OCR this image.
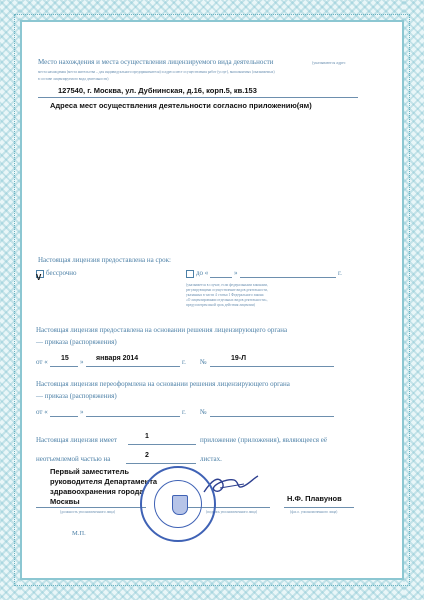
Место нахождения и места осуществления лицензируемого вида деятельности	(указываются адрес
места нахождения (места жительства – для индивидуального предпринимателя) и адреса мест осуществления работ (услуг), выполняемых (оказываемых)
в составе лицензируемого вида деятельности)
127540, г. Москва, ул. Дубнинская, д.16, корп.5, кв.153
Адреса мест осуществления деятельности согласно приложению(ям)
Настоящая лицензия предоставлена на срок:
V бессрочно	до «	»	г.
(указывается в случае, если федеральными законами,
регулирующими осуществление видов деятельности,
указанных в части 4 статьи 1 Федерального закона
«О лицензировании отдельных видов деятельности»,
предусмотрен иной срок действия лицензии)
Настоящая лицензия предоставлена на основании решения лицензирующего органа
— приказа (распоряжения)
от « 15 » января 2014	г. №	19-Л
Настоящая лицензия переоформлена на основании решения лицензирующего органа
— приказа (распоряжения)
от «	»	г. №
Настоящая лицензия имеет	1	приложение (приложения), являющееся её
неотъемлемой частью на	2	листах.
Первый заместитель
руководителя Департамента
здравоохранения города
Москвы	Н.Ф. Плавунов
(должность уполномоченного лица)	(подпись уполномоченного лица)	(ф.и.о. уполномоченного лица)
М.П.
